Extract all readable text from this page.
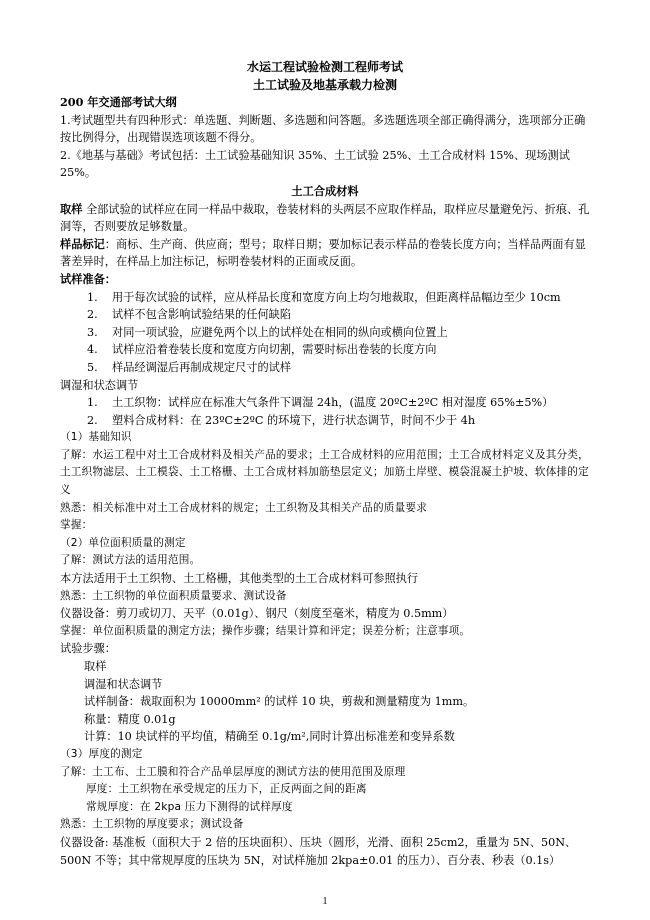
水运工程试验检测工程师考试
土工试验及地基承载力检测
200 年交通部考试大纲

1.考试题型共有四种形式：单选题、判断题、多选题和问答题。多选题选项全部正确得满分，选项部分正确按比例得分，出现错误选项该题不得分。

2.《地基与基础》考试包括：土工试验基础知识 35%、土工试验 25%、土工合成材料 15%、现场测试 25%。

土工合成材料

取样 全部试验的试样应在同一样品中裁取，卷装材料的头两层不应取作样品，取样应尽量避免污、折痕、孔洞等，否则要放足够数量。

样品标记：商标、生产商、供应商；型号；取样日期；要加标记表示样品的卷装长度方向；当样品两面有显著差异时，在样品上加注标记，标明卷装材料的正面或反面。

试样准备：
1.	用于每次试验的试样，应从样品长度和宽度方向上均匀地裁取，但距离样品幅边至少 10cm
2.	试样不包含影响试验结果的任何缺陷
3.	对同一项试验，应避免两个以上的试样处在相同的纵向或横向位置上
4.	试样应沿着卷装长度和宽度方向切割，需要时标出卷装的长度方向
5.	样品经调湿后再制成规定尺寸的试样
调湿和状态调节
1.	土工织物：试样应在标准大气条件下调湿 24h，(温度 20ºC±2ºC 相对湿度 65%±5%）
2.	塑料合成材料：在 23ºC±2ºC 的环境下，进行状态调节，时间不少于 4h
（1）基础知识
了解：水运工程中对土工合成材料及相关产品的要求；土工合成材料的应用范围；土工合成材料定义及其分类，土工织物滤层、土工模袋、土工格栅、土工合成材料加筋垫层定义；加筋土岸壁、模袋混凝土护坡、软体排的定义
熟悉：相关标准中对土工合成材料的规定；土工织物及其相关产品的质量要求
掌握：
（2）单位面积质量的测定
了解：测试方法的适用范围。
本方法适用于土工织物、土工格栅，其他类型的土工合成材料可参照执行
熟悉：土工织物的单位面积质量要求、测试设备
仪器设备：剪刀或切刀、天平（0.01g）、钢尺（刻度至毫米，精度为 0.5mm）
掌握：单位面积质量的测定方法；操作步骤；结果计算和评定；误差分析；注意事项。
试验步骤：
取样
调湿和状态调节
试样制备：裁取面积为 10000mm² 的试样 10 块，剪裁和测量精度为 1mm。
称量：精度 0.01g
计算：10 块试样的平均值，精确至 0.1g/m²,同时计算出标准差和变异系数
（3）厚度的测定
了解：土工布、土工膜和符合产品单层厚度的测试方法的使用范围及原理
厚度：土工织物在承受规定的压力下，正反两面之间的距离
常规厚度：在 2kpa 压力下测得的试样厚度
熟悉：土工织物的厚度要求；测试设备
仪器设备: 基准板（面积大于 2 倍的压块面积）、压块（圆形，光滑、面积 25cm2，重量为 5N、50N、500N 不等；其中常规厚度的压块为 5N，对试样施加 2kpa±0.01 的压力）、百分表、秒表（0.1s）
1
